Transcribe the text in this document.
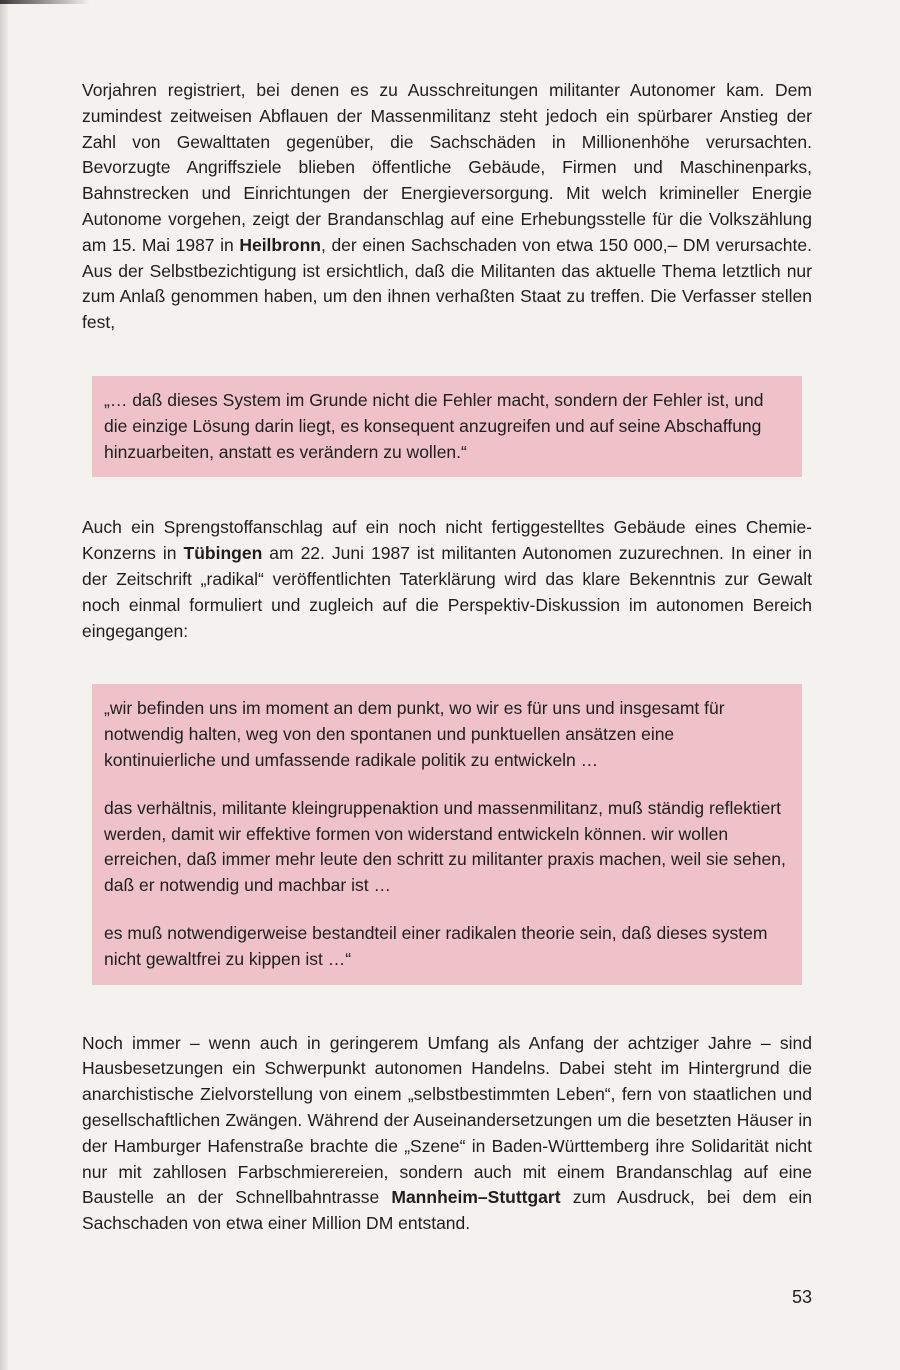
Vorjahren registriert, bei denen es zu Ausschreitungen militanter Autonomer kam. Dem zumindest zeitweisen Abflauen der Massenmilitanz steht jedoch ein spürbarer Anstieg der Zahl von Gewalttaten gegenüber, die Sachschäden in Millionenhöhe verursachten. Bevorzugte Angriffsziele blieben öffentliche Gebäude, Firmen und Maschinenparks, Bahnstrecken und Einrichtungen der Energieversorgung. Mit welch krimineller Energie Autonome vorgehen, zeigt der Brandanschlag auf eine Erhebungsstelle für die Volkszählung am 15. Mai 1987 in Heilbronn, der einen Sachschaden von etwa 150 000,– DM verursachte. Aus der Selbstbezichtigung ist ersichtlich, daß die Militanten das aktuelle Thema letztlich nur zum Anlaß genommen haben, um den ihnen verhaßten Staat zu treffen. Die Verfasser stellen fest,

„… daß dieses System im Grunde nicht die Fehler macht, sondern der Fehler ist, und die einzige Lösung darin liegt, es konsequent anzugreifen und auf seine Abschaffung hinzuarbeiten, anstatt es verändern zu wollen.“

Auch ein Sprengstoffanschlag auf ein noch nicht fertiggestelltes Gebäude eines Chemie-Konzerns in Tübingen am 22. Juni 1987 ist militanten Autonomen zuzurechnen. In einer in der Zeitschrift „radikal“ veröffentlichten Taterklärung wird das klare Bekenntnis zur Gewalt noch einmal formuliert und zugleich auf die Perspektiv-Diskussion im autonomen Bereich eingegangen:

„wir befinden uns im moment an dem punkt, wo wir es für uns und insgesamt für notwendig halten, weg von den spontanen und punktuellen ansätzen eine kontinuierliche und umfassende radikale politik zu entwickeln …

das verhältnis, militante kleingruppenaktion und massenmilitanz, muß ständig reflektiert werden, damit wir effektive formen von widerstand entwickeln können. wir wollen erreichen, daß immer mehr leute den schritt zu militanter praxis machen, weil sie sehen, daß er notwendig und machbar ist …

es muß notwendigerweise bestandteil einer radikalen theorie sein, daß dieses system nicht gewaltfrei zu kippen ist …“

Noch immer – wenn auch in geringerem Umfang als Anfang der achtziger Jahre – sind Hausbesetzungen ein Schwerpunkt autonomen Handelns. Dabei steht im Hintergrund die anarchistische Zielvorstellung von einem „selbstbestimmten Leben“, fern von staatlichen und gesellschaftlichen Zwängen. Während der Auseinandersetzungen um die besetzten Häuser in der Hamburger Hafenstraße brachte die „Szene“ in Baden-Württemberg ihre Solidarität nicht nur mit zahllosen Farbschmierereien, sondern auch mit einem Brandanschlag auf eine Baustelle an der Schnellbahntrasse Mannheim–Stuttgart zum Ausdruck, bei dem ein Sachschaden von etwa einer Million DM entstand.

53
